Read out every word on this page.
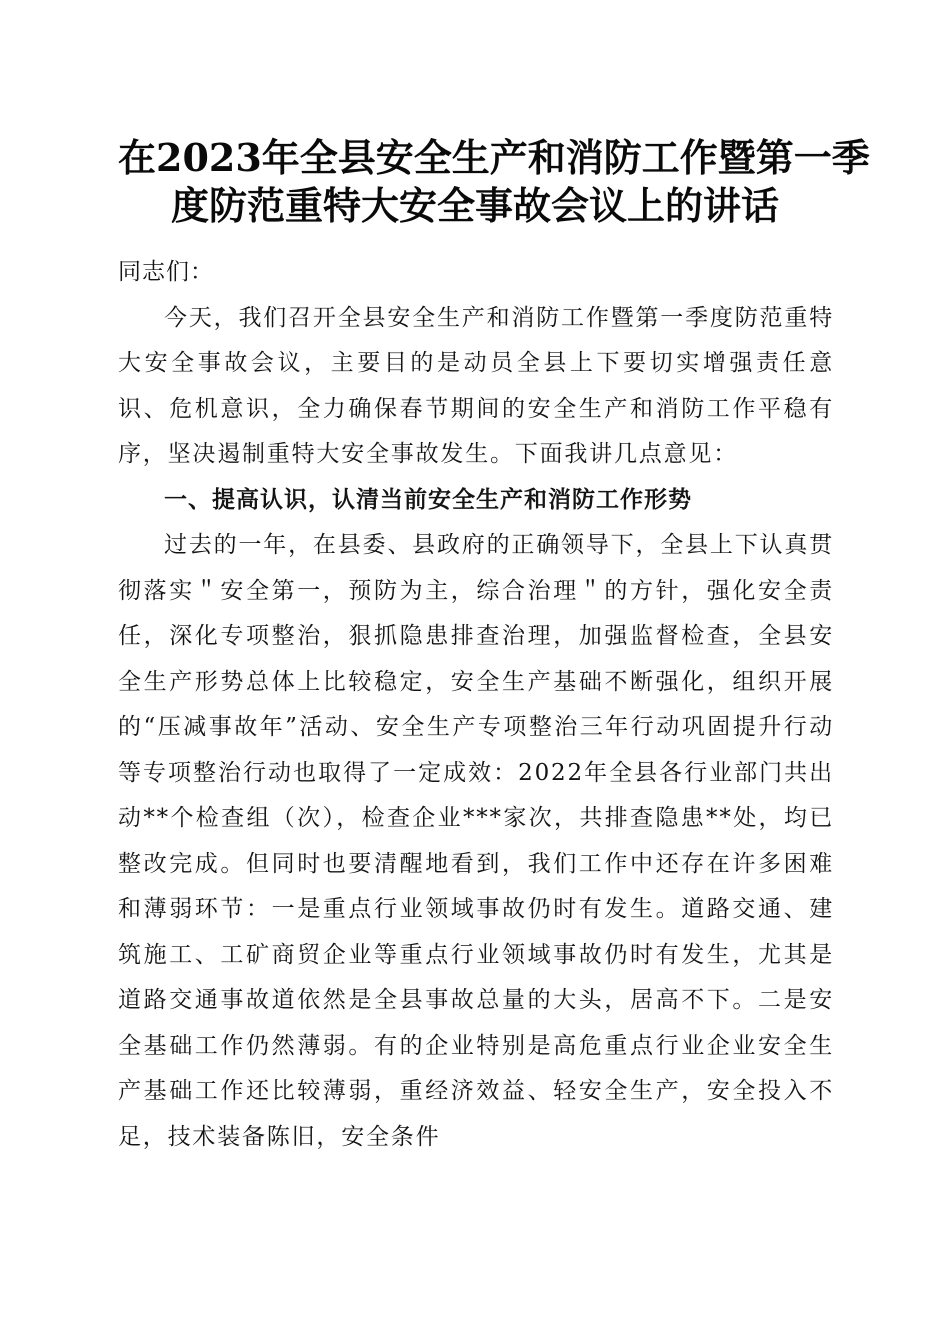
在2023年全县安全生产和消防工作暨第一季
度防范重特大安全事故会议上的讲话

同志们：

今天，我们召开全县安全生产和消防工作暨第一季度防范重特大安全事故会议，主要目的是动员全县上下要切实增强责任意识、危机意识，全力确保春节期间的安全生产和消防工作平稳有序，坚决遏制重特大安全事故发生。下面我讲几点意见：

一、提高认识，认清当前安全生产和消防工作形势

过去的一年，在县委、县政府的正确领导下，全县上下认真贯彻落实＂安全第一，预防为主，综合治理＂的方针，强化安全责任，深化专项整治，狠抓隐患排查治理，加强监督检查，全县安全生产形势总体上比较稳定，安全生产基础不断强化，组织开展的“压减事故年”活动、安全生产专项整治三年行动巩固提升行动等专项整治行动也取得了一定成效：2022年全县各行业部门共出动**个检查组（次），检查企业***家次，共排查隐患**处，均已整改完成。但同时也要清醒地看到，我们工作中还存在许多困难和薄弱环节：一是重点行业领域事故仍时有发生。道路交通、建筑施工、工矿商贸企业等重点行业领域事故仍时有发生，尤其是道路交通事故道依然是全县事故总量的大头，居高不下。二是安全基础工作仍然薄弱。有的企业特别是高危重点行业企业安全生产基础工作还比较薄弱，重经济效益、轻安全生产，安全投入不足，技术装备陈旧，安全条件
